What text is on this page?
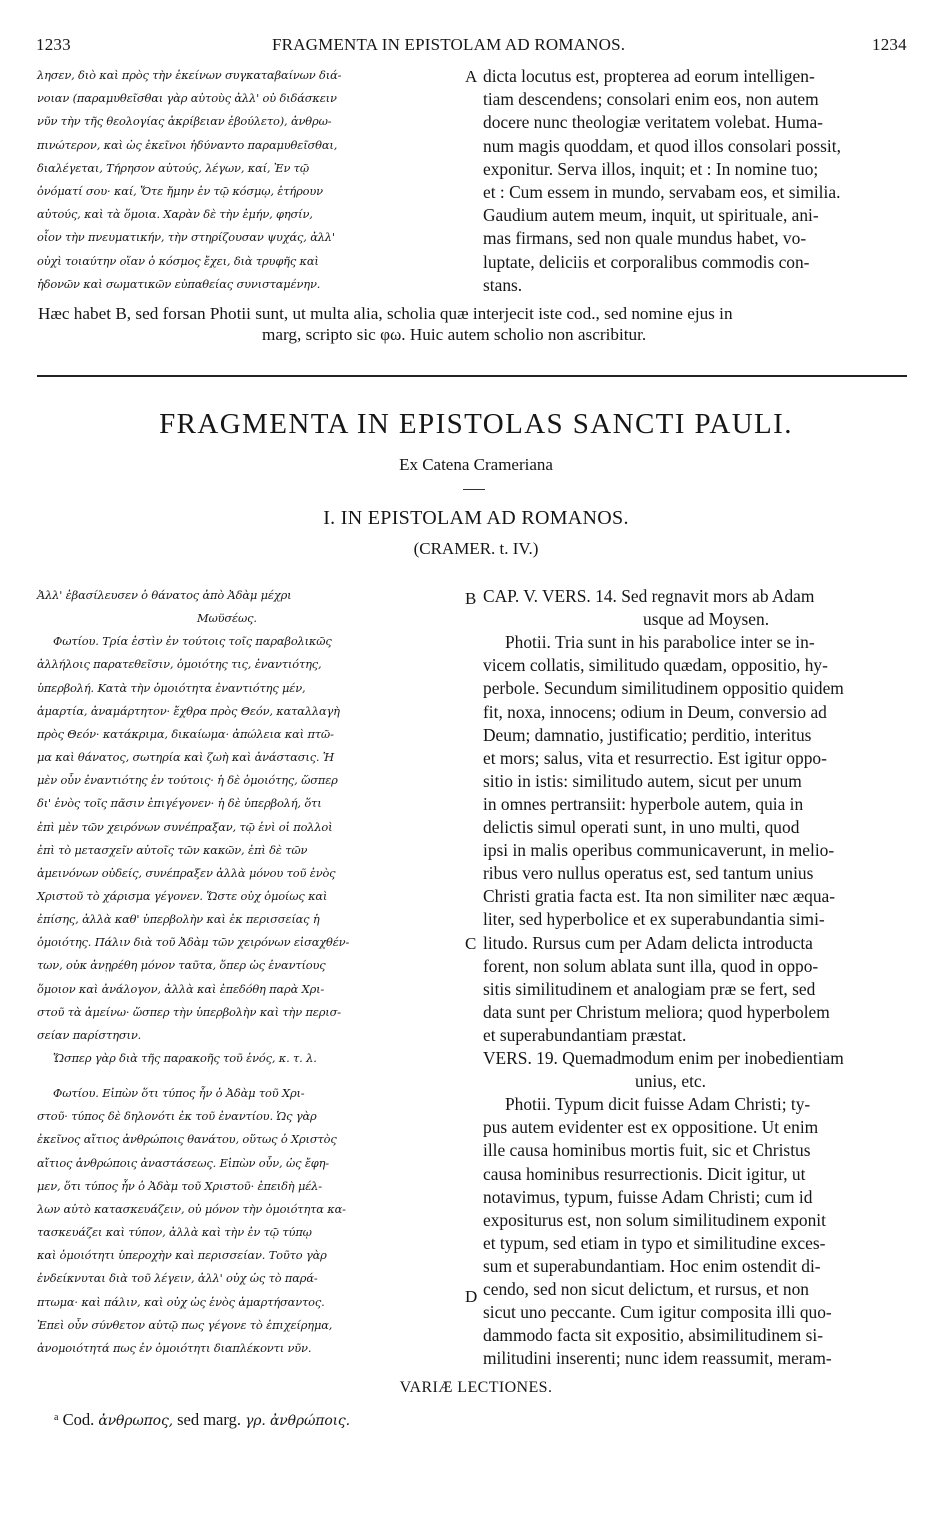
1233	FRAGMENTA IN EPISTOLAM AD ROMANOS.	1234
λησεν, διὸ καὶ πρὸς τὴν ἐκείνων συγκαταβαίνων διά-
νοιαν (παραμυθεῖσθαι γὰρ αὐτοὺς ἀλλ' οὐ διδάσκειν
νῦν τὴν τῆς θεολογίας ἀκρίβειαν ἐβούλετο), ἀνθρω-
πινώτερον, καὶ ὡς ἐκεῖνοι ἠδύναντο παραμυθεῖσθαι,
διαλέγεται, Τήρησον αὐτούς, λέγων, καί, Ἐν τῷ
ὀνόματί σου· καί, Ὅτε ἤμην ἐν τῷ κόσμῳ, ἐτήρουν
αὐτούς, καὶ τὰ ὅμοια. Χαρὰν δὲ τὴν ἐμήν, φησίν,
οἷον τὴν πνευματικήν, τὴν στηρίζουσαν ψυχάς, ἀλλ'
οὐχὶ τοιαύτην οἵαν ὁ κόσμος ἔχει, διὰ τρυφῆς καὶ
ἡδονῶν καὶ σωματικῶν εὐπαθείας συνισταμένην.
A dicta locutus est, propterea ad eorum intelligen-
tiam descendens; consolari enim eos, non autem
docere nunc theologiæ veritatem volebat. Huma-
num magis quoddam, et quod illos consolari possit,
exponitur. Serva illos, inquit; et : In nomine tuo;
et : Cum essem in mundo, servabam eos, et similia.
Gaudium autem meum, inquit, ut spirituale, ani-
mas firmans, sed non quale mundus habet, vo-
luptate, deliciis et corporalibus commodis con-
stans.
Hæc habet B, sed forsan Photii sunt, ut multa alia, scholia quæ interjecit iste cod., sed nomine ejus in
marg, scripto sic φω. Huic autem scholio non ascribitur.
FRAGMENTA IN EPISTOLAS SANCTI PAULI.
Ex Catena Crameriana
I. IN EPISTOLAM AD ROMANOS.
(CRAMER. t. IV.)
Ἀλλ' ἐβασίλευσεν ὁ θάνατος ἀπὸ Ἀδὰμ μέχρι
Μωϋσέως.
Φωτίου. Τρία ἐστὶν ἐν τούτοις τοῖς παραβολικῶς
ἀλλήλοις παρατεθεῖσιν, ὁμοιότης τις, ἐναντιότης,
ὑπερβολή. Κατὰ τὴν ὁμοιότητα ἐναντιότης μέν,
ἁμαρτία, ἀναμάρτητον· ἔχθρα πρὸς Θεόν, καταλλαγὴ
πρὸς Θεόν· κατάκριμα, δικαίωμα· ἀπώλεια καὶ πτῶ-
μα καὶ θάνατος, σωτηρία καὶ ζωὴ καὶ ἀνάστασις. Ἡ
μὲν οὖν ἐναντιότης ἐν τούτοις· ἡ δὲ ὁμοιότης, ὥσπερ
δι' ἑνὸς τοῖς πᾶσιν ἐπιγέγονεν· ἡ δὲ ὑπερβολή, ὅτι
ἐπὶ μὲν τῶν χειρόνων συνέπραξαν, τῷ ἑνὶ οἱ πολλοὶ
ἐπὶ τὸ μετασχεῖν αὐτοῖς τῶν κακῶν, ἐπὶ δὲ τῶν
ἀμεινόνων οὐδείς, συνέπραξεν ἀλλὰ μόνου τοῦ ἑνὸς
Χριστοῦ τὸ χάρισμα γέγονεν. Ὥστε οὐχ ὁμοίως καὶ
ἐπίσης, ἀλλὰ καθ' ὑπερβολὴν καὶ ἐκ περισσείας ἡ
ὁμοιότης. Πάλιν διὰ τοῦ Ἀδὰμ τῶν χειρόνων εἰσαχθέν-
των, οὐκ ἀνῃρέθη μόνον ταῦτα, ὅπερ ὡς ἐναντίους
ὅμοιον καὶ ἀνάλογον, ἀλλὰ καὶ ἐπεδόθη παρὰ Χρι-
στοῦ τὰ ἀμείνω· ὥσπερ τὴν ὑπερβολὴν καὶ τὴν περισ-
σείαν παρίστησιν.
Ὥσπερ γὰρ διὰ τῆς παρακοῆς τοῦ ἑνός, κ. τ. λ.
Φωτίου. Εἰπὼν ὅτι τύπος ἦν ὁ Ἀδὰμ τοῦ Χρι-
στοῦ· τύπος δὲ δηλονότι ἐκ τοῦ ἐναντίου. Ὡς γὰρ
ἐκεῖνος αἴτιος ἀνθρώποις θανάτου, οὕτως ὁ Χριστὸς
αἴτιος ἀνθρώποις ἀναστάσεως. Εἰπὼν οὖν, ὡς ἔφη-
μεν, ὅτι τύπος ἦν ὁ Ἀδὰμ τοῦ Χριστοῦ· ἐπειδὴ μέλ-
λων αὐτὸ κατασκευάζειν, οὐ μόνον τὴν ὁμοιότητα κα-
τασκευάζει καὶ τύπον, ἀλλὰ καὶ τὴν ἐν τῷ τύπῳ
καὶ ὁμοιότητι ὑπεροχὴν καὶ περισσείαν. Τοῦτο γὰρ
ἐνδείκνυται διὰ τοῦ λέγειν, ἀλλ' οὐχ ὡς τὸ παρά-
πτωμα· καὶ πάλιν, καὶ οὐχ ὡς ἑνὸς ἁμαρτήσαντος.
Ἐπεὶ οὖν σύνθετον αὐτῷ πως γέγονε τὸ ἐπιχείρημα,
ἀνομοιότητά πως ἐν ὁμοιότητι διαπλέκοντι νῦν.
CAP. V. VERS. 14. Sed regnavit mors ab Adam
usque ad Moysen.
Photii. Tria sunt in his parabolice inter se in-
vicem collatis, similitudo quædam, oppositio, hy-
perbole. Secundum similitudinem oppositio quidem
fit, noxa, innocens; odium in Deum, conversio ad
Deum; damnatio, justificatio; perditio, interitus
et mors; salus, vita et resurrectio. Est igitur oppo-
sitio in istis: similitudo autem, sicut per unum
in omnes pertransiit: hyperbole autem, quia in
delictis simul operati sunt, in uno multi, quod
ipsi in malis operibus communicaverunt, in melio-
ribus vero nullus operatus est, sed tantum unius
Christi gratia facta est. Ita non similiter næc æqua-
liter, sed hyperbolice et ex superabundantia simi-
litudo. Rursus cum per Adam delicta introducta
forent, non solum ablata sunt illa, quod in oppo-
sitis similitudinem et analogiam præ se fert, sed
data sunt per Christum meliora; quod hyperbolem
et superabundantiam præstat.
VERS. 19. Quemadmodum enim per inobedientiam
unius, etc.
Photii. Typum dicit fuisse Adam Christi; ty-
pus autem evidenter est ex oppositione. Ut enim
ille causa hominibus mortis fuit, sic et Christus
causa hominibus resurrectionis. Dicit igitur, ut
notavimus, typum, fuisse Adam Christi; cum id
expositurus est, non solum similitudinem exponit
et typum, sed etiam in typo et similitudine exces-
sum et superabundantiam. Hoc enim ostendit di-
cendo, sed non sicut delictum, et rursus, et non
sicut uno peccante. Cum igitur composita illi quo-
dammodo facta sit expositio, absimilitudinem si-
militudini inserenti; nunc idem reassumit, meram-
B
C
D
VARIÆ LECTIONES.
$^a$ Cod. ἀνθρωπος, sed marg. γρ. ἀνθρώποις.
